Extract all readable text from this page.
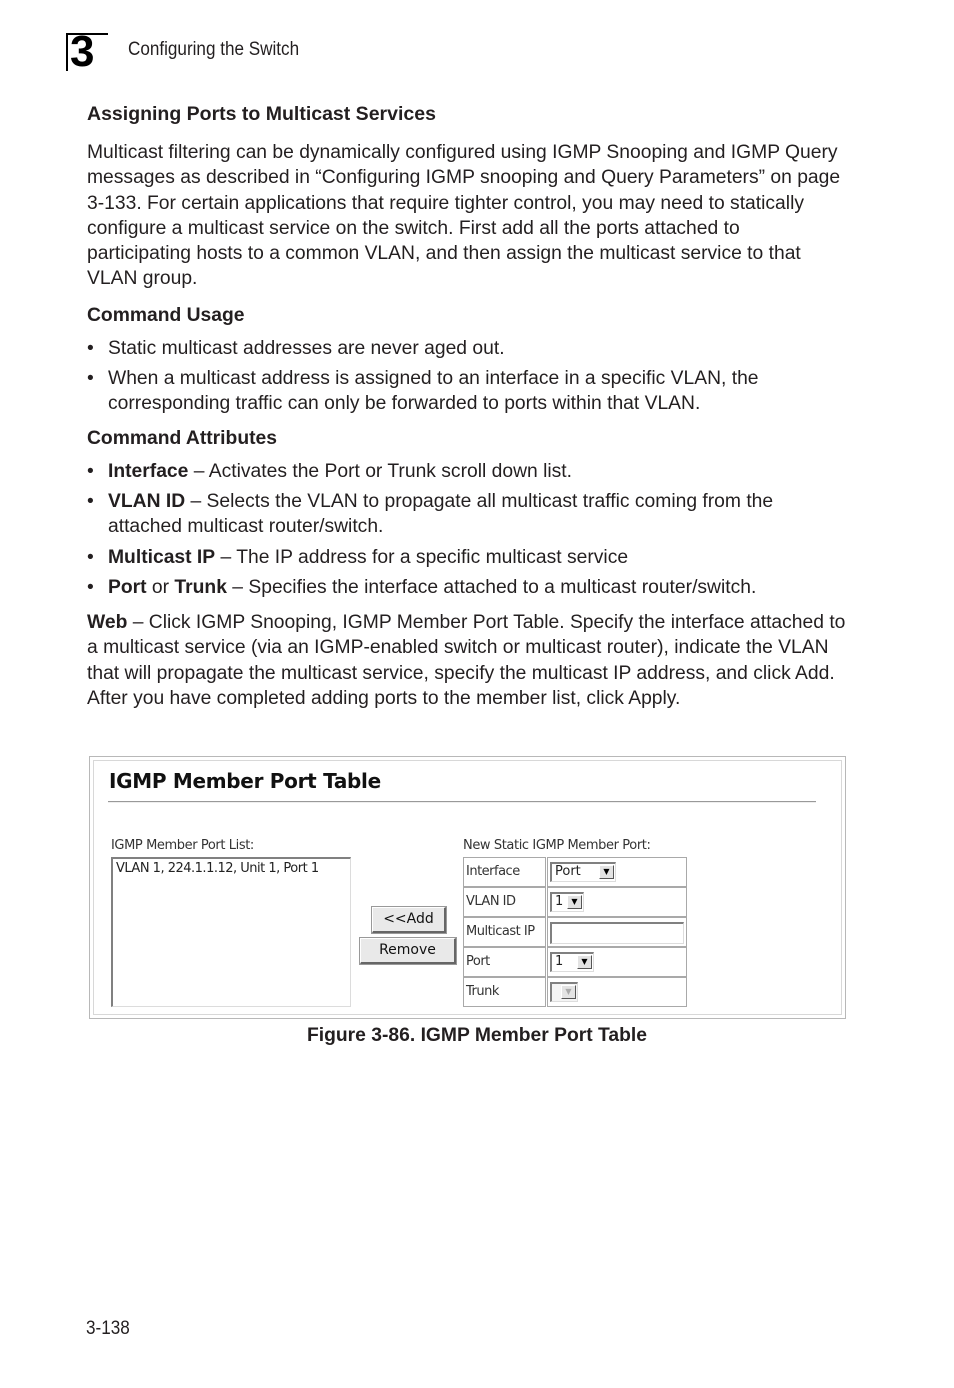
3 Configuring the Switch
Assigning Ports to Multicast Services

Multicast filtering can be dynamically configured using IGMP Snooping and IGMP Query messages as described in “Configuring IGMP snooping and Query Parameters” on page 3-133. For certain applications that require tighter control, you may need to statically configure a multicast service on the switch. First add all the ports attached to participating hosts to a common VLAN, and then assign the multicast service to that VLAN group.

Command Usage
• Static multicast addresses are never aged out.
• When a multicast address is assigned to an interface in a specific VLAN, the corresponding traffic can only be forwarded to ports within that VLAN.
Command Attributes
• Interface – Activates the Port or Trunk scroll down list.
• VLAN ID – Selects the VLAN to propagate all multicast traffic coming from the attached multicast router/switch.
• Multicast IP – The IP address for a specific multicast service
• Port or Trunk – Specifies the interface attached to a multicast router/switch.

Web – Click IGMP Snooping, IGMP Member Port Table. Specify the interface attached to a multicast service (via an IGMP-enabled switch or multicast router), indicate the VLAN that will propagate the multicast service, specify the multicast IP address, and click Add. After you have completed adding ports to the member list, click Apply.

IGMP Member Port Table
IGMP Member Port List:
VLAN 1, 224.1.1.12, Unit 1, Port 1
<<Add
Remove
New Static IGMP Member Port:
Interface	Port	▼
VLAN ID	1	▼
Multicast IP
Port	1	▼
Trunk	▼
Figure 3-86. IGMP Member Port Table
3-138
